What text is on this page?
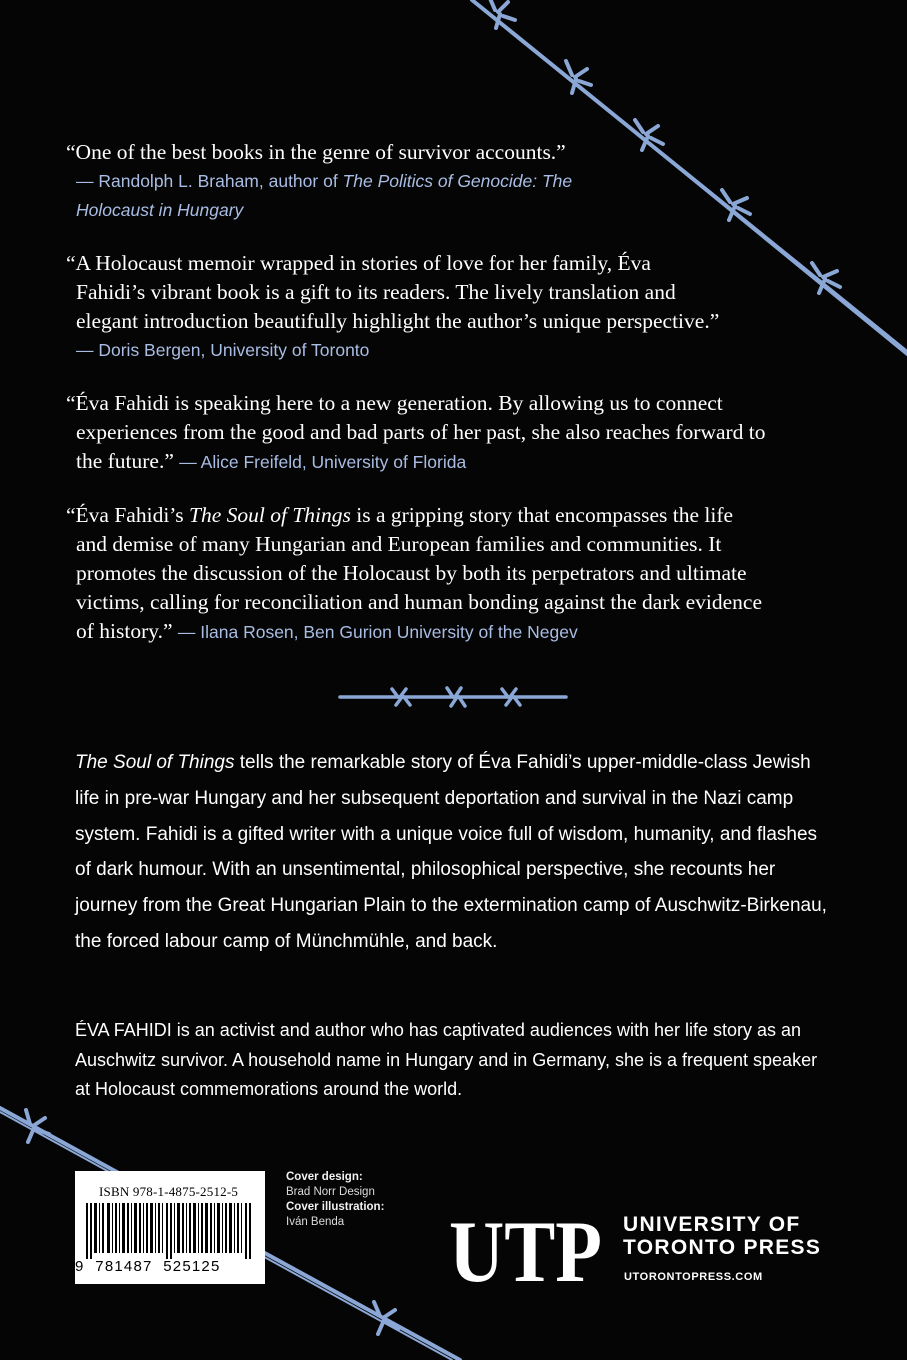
“One of the best books in the genre of survivor accounts.”

— Randolph L. Braham, author of The Politics of Genocide: The
Holocaust in Hungary

“A Holocaust memoir wrapped in stories of love for her family, Éva
Fahidi’s vibrant book is a gift to its readers. The lively translation and
elegant introduction beautifully highlight the author’s unique perspective.”
— Doris Bergen, University of Toronto

“Éva Fahidi is speaking here to a new generation. By allowing us to connect
experiences from the good and bad parts of her past, she also reaches forward to
the future.” — Alice Freifeld, University of Florida

“Éva Fahidi’s The Soul of Things is a gripping story that encompasses the life
and demise of many Hungarian and European families and communities. It
promotes the discussion of the Holocaust by both its perpetrators and ultimate
victims, calling for reconciliation and human bonding against the dark evidence
of history.” — Ilana Rosen, Ben Gurion University of the Negev

The Soul of Things tells the remarkable story of Éva Fahidi’s upper-middle-class Jewish life in pre-war Hungary and her subsequent deportation and survival in the Nazi camp system. Fahidi is a gifted writer with a unique voice full of wisdom, humanity, and flashes of dark humour. With an unsentimental, philosophical perspective, she recounts her journey from the Great Hungarian Plain to the extermination camp of Auschwitz-Birkenau, the forced labour camp of Münchmühle, and back.

ÉVA FAHIDI is an activist and author who has captivated audiences with her life story as an Auschwitz survivor. A household name in Hungary and in Germany, she is a frequent speaker at Holocaust commemorations around the world.

ISBN 978-1-4875-2512-5
9  781487  525125
Cover design:
Brad Norr Design
Cover illustration:
Iván Benda	UTP UNIVERSITY OF
TORONTO PRESS
UTORONTOPRESS.COM
